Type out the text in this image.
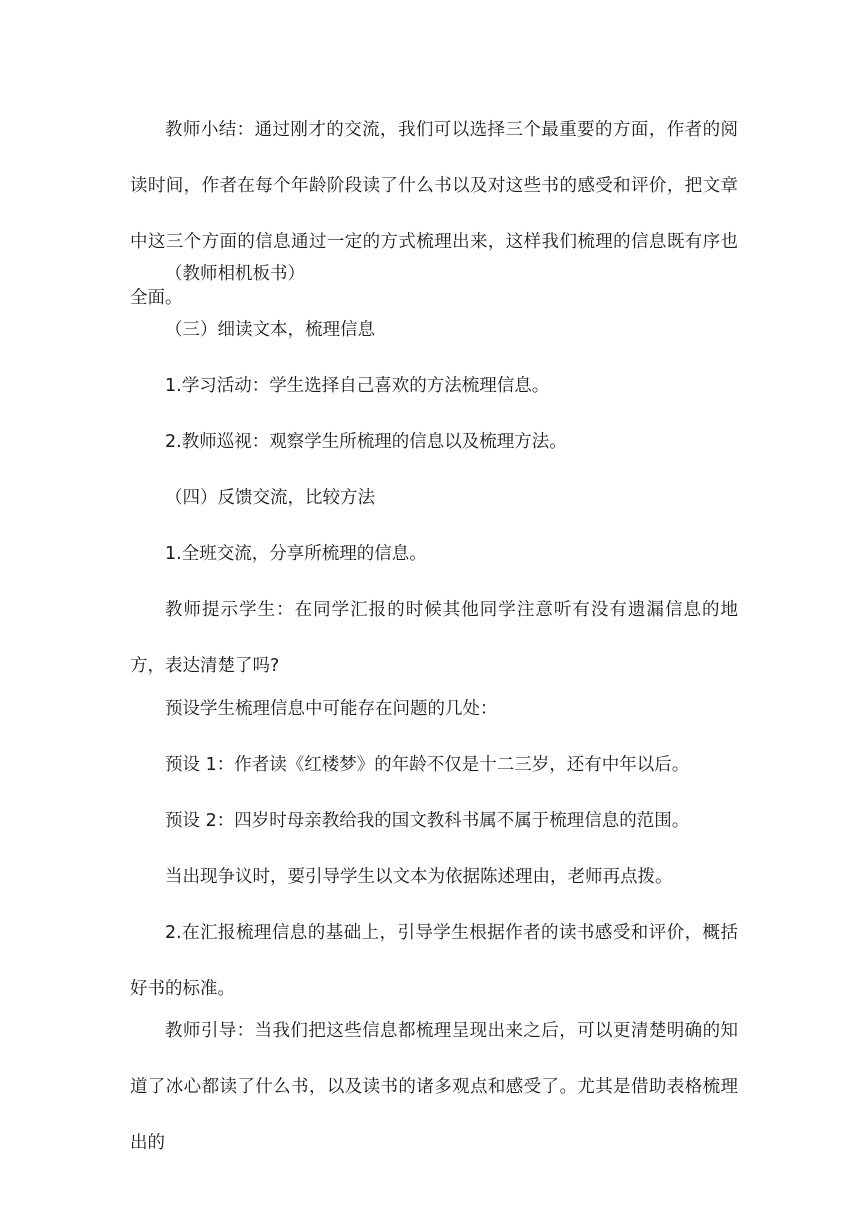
教师小结：通过刚才的交流，我们可以选择三个最重要的方面，作者的阅读时间，作者在每个年龄阶段读了什么书以及对这些书的感受和评价，把文章中这三个方面的信息通过一定的方式梳理出来，这样我们梳理的信息既有序也全面。

（教师相机板书）

（三）细读文本，梳理信息

1.学习活动：学生选择自己喜欢的方法梳理信息。

2.教师巡视：观察学生所梳理的信息以及梳理方法。

（四）反馈交流，比较方法

1.全班交流，分享所梳理的信息。

教师提示学生：在同学汇报的时候其他同学注意听有没有遗漏信息的地方，表达清楚了吗?

预设学生梳理信息中可能存在问题的几处：

预设 1：作者读《红楼梦》的年龄不仅是十二三岁，还有中年以后。

预设 2：四岁时母亲教给我的国文教科书属不属于梳理信息的范围。

当出现争议时，要引导学生以文本为依据陈述理由，老师再点拨。

2.在汇报梳理信息的基础上，引导学生根据作者的读书感受和评价，概括好书的标准。

教师引导：当我们把这些信息都梳理呈现出来之后，可以更清楚明确的知道了冰心都读了什么书，以及读书的诸多观点和感受了。尤其是借助表格梳理出的
